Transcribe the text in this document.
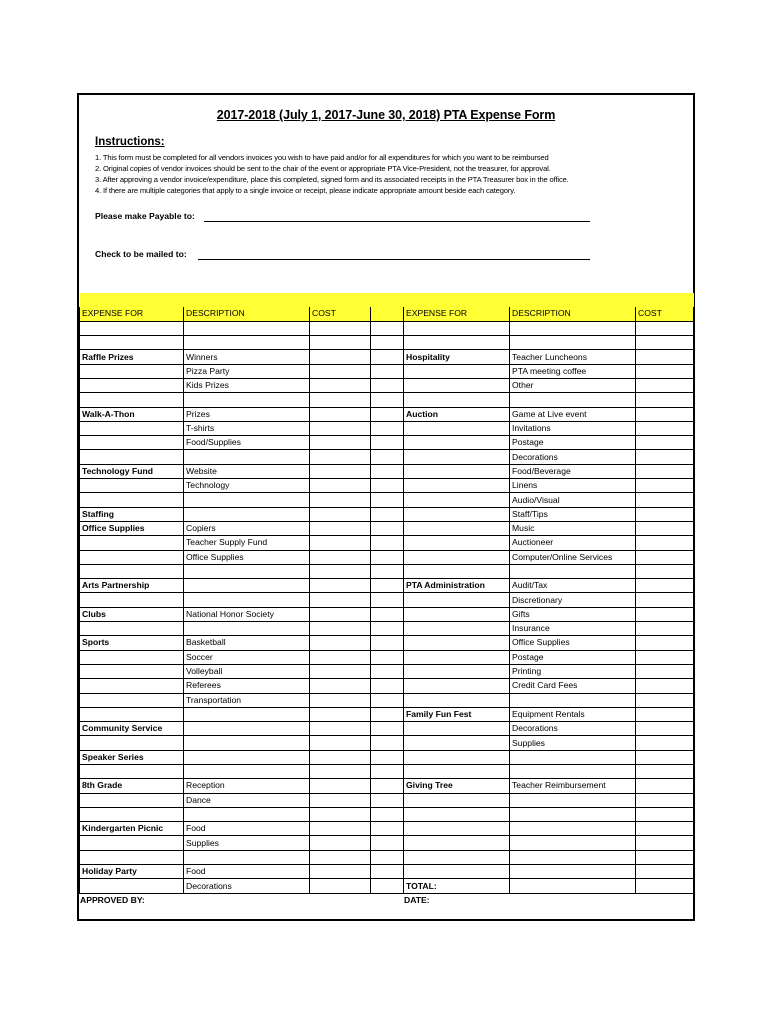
2017-2018 (July 1, 2017-June 30, 2018) PTA Expense Form
Instructions:
1. This form must be completed for all vendors invoices you wish to have paid and/or for all expenditures for which you want to be reimbursed
2. Original copies of vendor invoices should be sent to the chair of the event or appropriate PTA Vice-President, not the treasurer, for approval.
3. After approving a vendor invoice/expenditure, place this completed, signed form and its associated receipts in the PTA Treasurer box in the office.
4. If there are multiple categories that apply to a single invoice or receipt, please indicate appropriate amount beside each category.
Please make Payable to:
Check to be mailed to:

EXPENSE FOR	DESCRIPTION	COST		EXPENSE FOR	DESCRIPTION	COST

Raffle Prizes	Winners			Hospitality	Teacher Luncheons	
	Pizza Party				PTA meeting coffee	
	Kids Prizes				Other	

Walk-A-Thon	Prizes			Auction	Game at Live event	
	T-shirts				Invitations	
	Food/Supplies				Postage	
					Decorations	
Technology Fund	Website				Food/Beverage	
	Technology				Linens	
					Audio/Visual	
Staffing					Staff/Tips	
Office Supplies	Copiers				Music	
	Teacher Supply Fund				Auctioneer	
	Office Supplies				Computer/Online Services	

Arts Partnership				PTA Administration	Audit/Tax	
					Discretionary	
Clubs	National Honor Society				Gifts	
					Insurance	
Sports	Basketball				Office Supplies	
	Soccer				Postage	
	Volleyball				Printing	
	Referees				Credit Card Fees	
	Transportation					
				Family Fun Fest	Equipment Rentals	
Community Service					Decorations	
					Supplies	
Speaker Series						

8th Grade	Reception			Giving Tree	Teacher Reimbursement	
	Dance					

Kindergarten Picnic	Food					
	Supplies					

Holiday Party	Food					
	Decorations			TOTAL:		
APPROVED BY:	DATE:
